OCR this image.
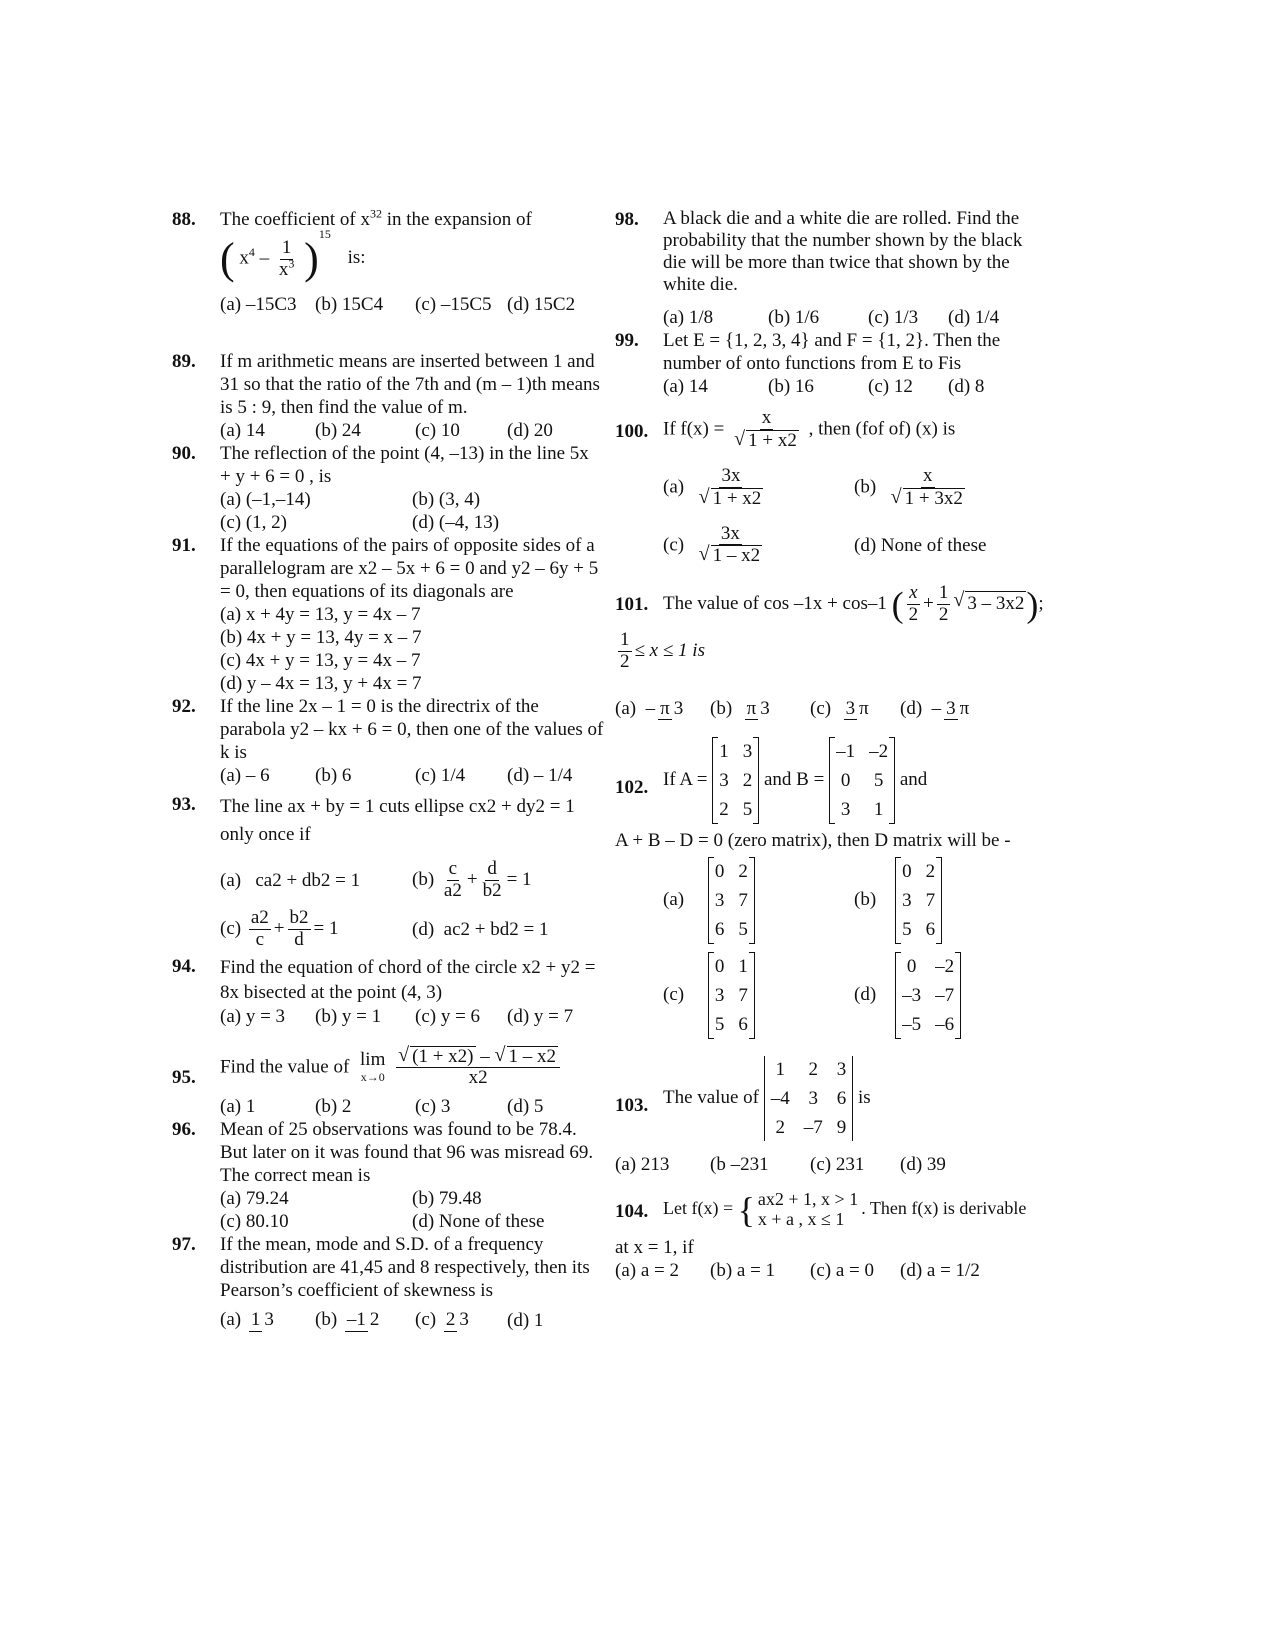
88. The coefficient of $x^{32}$ in the expansion of
( $x^4 - \frac{1}{x^3} )^{15}$ is:
(a) –15C3 (b) 15C4	(c) –15C5 (d) 15C2
89. If m arithmetic means are inserted between 1 and 31 so that the ratio of the 7th and (m – 1)th means is 5 : 9, then find the value of m.
(a) 14	(b) 24	(c) 10	(d) 20
90. The reflection of the point (4, –13) in the line 5x + y + 6 = 0 , is
(a) (–1,–14)	(b) (3, 4)
(c) (1, 2)	(d) (–4, 13)
91. If the equations of the pairs of opposite sides of a parallelogram are x2 – 5x + 6 = 0 and y2 – 6y + 5 = 0, then equations of its diagonals are
(a) x + 4y = 13, y = 4x – 7
(b) 4x + y = 13, 4y = x – 7
(c) 4x + y = 13, y = 4x – 7
(d) y – 4x = 13, y + 4x = 7
92. If the line 2x – 1 = 0 is the directrix of the parabola y2 – kx + 6 = 0, then one of the values of k is
(a) – 6	(b) 6	(c) 1/4	(d) – 1/4
93. The line ax + by = 1 cuts ellipse cx2 + dy2 = 1 only once if
(a) ca2 + db2 = 1	$(b) \frac{c}{a2} + \frac{d}{b2} = 1$
$(c) \frac{a2}{c} + \frac{b2}{d} = 1$	(d) ac2 + bd2 = 1
94. Find the equation of chord of the circle x2 + y2 = 8x bisected at the point (4, 3)
(a) y = 3	(b) y = 1	(c) y = 6	(d) y = 7
95.
Find the value of lim
x→0
√ $\frac{(1 + x2) - √ 1 - x2}{x2}$
(a) 1	(b) 2	(c) 3	(d) 5
96. Mean of 25 observations was found to be 78.4. But later on it was found that 96 was misread 69. The correct mean is
(a) 79.24	(b) 79.48
(c) 80.10	(d) None of these
97. If the mean, mode and S.D. of a frequency distribution are 41,45 and 8 respectively, then its Pearson’s coefficient of skewness is
(a) 1 3	(b) –1 2	(c) 2 3	(d) 1
98. A black die and a white die are rolled. Find the probability that the number shown by the black die will be more than twice that shown by the white die.
(a) 1/8	(b) 1/6	(c) 1/3	(d) 1/4
99. Let E = {1, 2, 3, 4} and F = {1, 2}. Then the number of onto functions from E to Fis
(a) 14	(b) 16	(c) 12	(d) 8
100. If f(x) = x
√ 1 + x2 , then (fof of) (x) is
(a) 3x
√ 1 + x2	(b) x
√ 1 + 3x2
(c) 3x
√ 1 – x2	(d) None of these
101. The value of cos –1x + cos–1 ( $\frac{x}{2} + \frac{1}{2}$ √ 3 – 3x2);
$\frac{1}{2} \le x \le 1$ is
(a) – π 3	(b) π 3	(c) 3 π	(d) – 3 π
102. If A =
1 3
3 2
2 5
and B =
–1 –2
0 5
3 1
and
A + B – D = 0 (zero matrix), then D matrix will be -
(a)
0 2
3 7
6 5
(b)
0 2
3 7
5 6
(c)
0 1
3 7
5 6
(d)
0 –2
–3 –7
–5 –6
103. The value of
1 2 3
–4 3 6
2 –7 9
is
(a) 213	(b –231	(c) 231	(d) 39
104. Let f(x) = { ax2 + 1, x > 1
x + a , x ≤ 1
. Then f(x) is derivable
at x = 1, if
(a) a = 2	(b) a = 1	(c) a = 0	(d) a = 1/2
